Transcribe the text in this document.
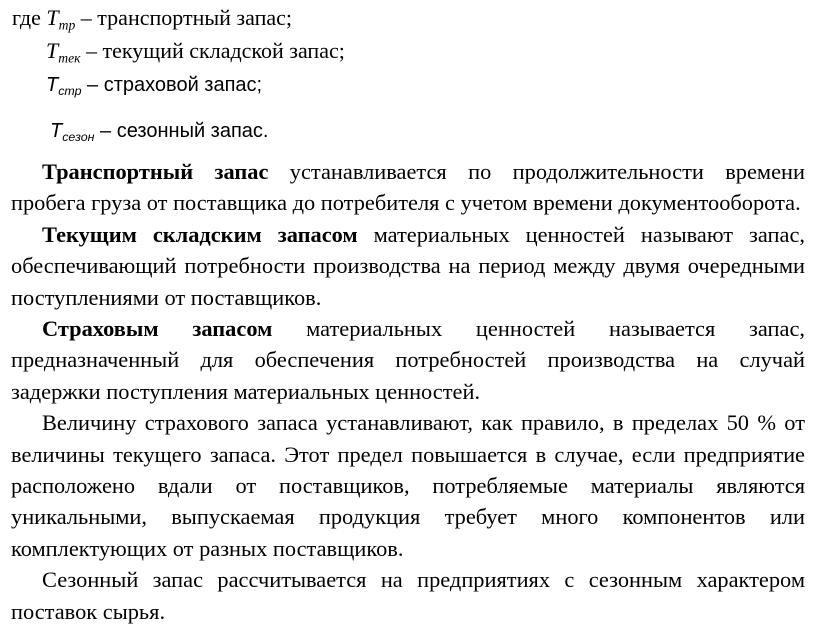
где $Т_{тр}$ – транспортный запас;
$Т_{тек}$ – текущий складской запас;
$Т_{стр}$ – страховой запас;
$Т_{сезон}$ – сезонный запас.

Транспортный запас устанавливается по продолжительности времени пробега груза от поставщика до потребителя с учетом времени документооборота.

Текущим складским запасом материальных ценностей называют запас, обеспечивающий потребности производства на период между двумя очередными поступлениями от поставщиков.

Страховым запасом материальных ценностей называется запас, предназначенный для обеспечения потребностей производства на случай задержки поступления материальных ценностей.

Величину страхового запаса устанавливают, как правило, в пределах 50 % от величины текущего запаса. Этот предел повышается в случае, если предприятие расположено вдали от поставщиков, потребляемые материалы являются уникальными, выпускаемая продукция требует много компонентов или комплектующих от разных поставщиков.

Сезонный запас рассчитывается на предприятиях с сезонным характером поставок сырья.
